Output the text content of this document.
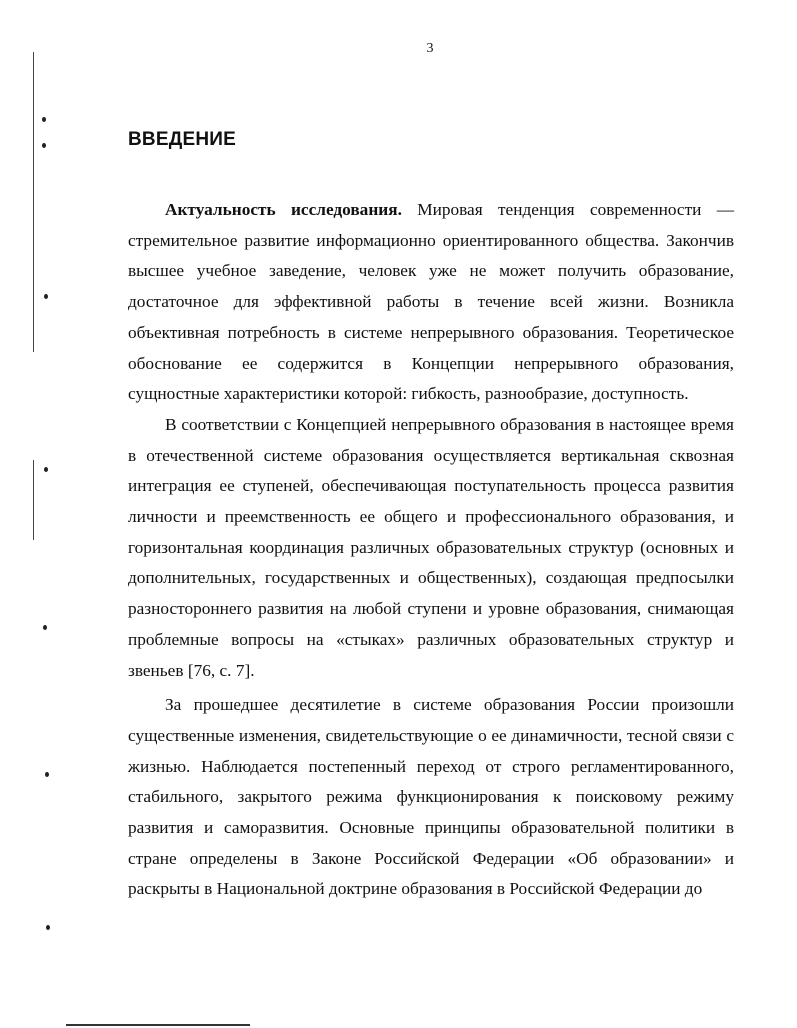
3
ВВЕДЕНИЕ

Актуальность исследования. Мировая тенденция современности — стремительное развитие информационно ориентированного общества. Закончив высшее учебное заведение, человек уже не может получить образование, достаточное для эффективной работы в течение всей жизни. Возникла объективная потребность в системе непрерывного образования. Теоретическое обоснование ее содержится в Концепции непрерывного образования, сущностные характеристики которой: гибкость, разнообразие, доступность.

В соответствии с Концепцией непрерывного образования в настоящее время в отечественной системе образования осуществляется вертикальная сквозная интеграция ее ступеней, обеспечивающая поступательность процесса развития личности и преемственность ее общего и профессионального образования, и горизонтальная координация различных образовательных структур (основных и дополнительных, государственных и общественных), создающая предпосылки разностороннего развития на любой ступени и уровне образования, снимающая проблемные вопросы на «стыках» различных образовательных структур и звеньев [76, с. 7].

За прошедшее десятилетие в системе образования России произошли существенные изменения, свидетельствующие о ее динамичности, тесной связи с жизнью. Наблюдается постепенный переход от строго регламентированного, стабильного, закрытого режима функционирования к поисковому режиму развития и саморазвития. Основные принципы образовательной политики в стране определены в Законе Российской Федерации «Об образовании» и раскрыты в Национальной доктрине образования в Российской Федерации до
